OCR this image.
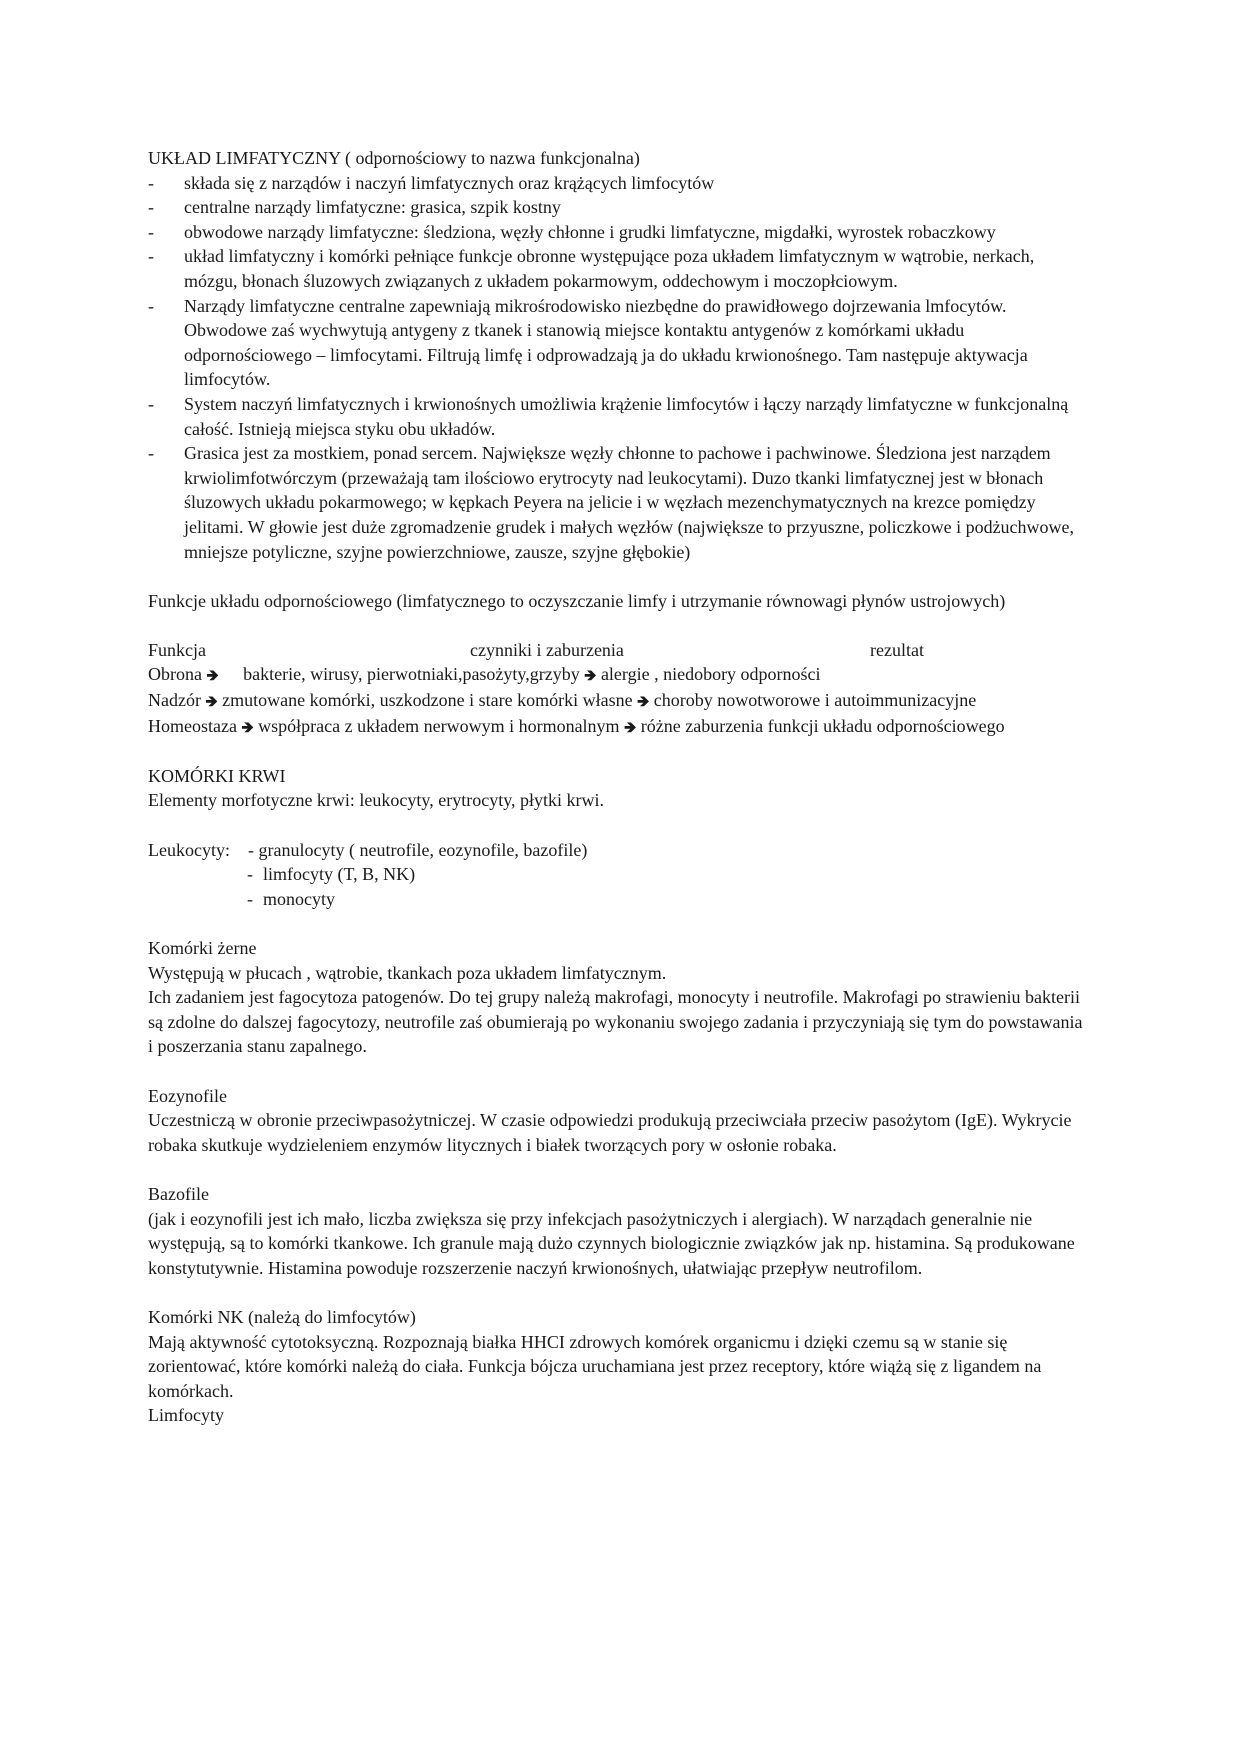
UKŁAD LIMFATYCZNY ( odpornościowy to nazwa funkcjonalna)

- składa się z narządów i naczyń limfatycznych oraz krążących limfocytów
- centralne narządy limfatyczne: grasica, szpik kostny
- obwodowe narządy limfatyczne: śledziona, węzły chłonne i grudki limfatyczne, migdałki, wyrostek robaczkowy
- układ limfatyczny i komórki pełniące funkcje obronne występujące poza układem limfatycznym w wątrobie, nerkach, mózgu, błonach śluzowych związanych z układem pokarmowym, oddechowym i moczopłciowym.
- Narządy limfatyczne centralne zapewniają mikrośrodowisko niezbędne do prawidłowego dojrzewania lmfocytów. Obwodowe zaś wychwytują antygeny z tkanek i stanowią miejsce kontaktu antygenów z komórkami układu odpornościowego – limfocytami. Filtrują limfę i odprowadzają ja do układu krwionośnego. Tam następuje aktywacja limfocytów.
- System naczyń limfatycznych i krwionośnych umożliwia krążenie limfocytów i łączy narządy limfatyczne w funkcjonalną całość. Istnieją miejsca styku obu układów.
- Grasica jest za mostkiem, ponad sercem. Największe węzły chłonne to pachowe i pachwinowe. Śledziona jest narządem krwiolimfotwórczym (przeważają tam ilościowo erytrocyty nad leukocytami). Duzo tkanki limfatycznej jest w błonach śluzowych układu pokarmowego; w kępkach Peyera na jelicie i w węzłach mezenchymatycznych na krezce pomiędzy jelitami. W głowie jest duże zgromadzenie grudek i małych węzłów (największe to przyuszne, policzkowe i podżuchwowe, mniejsze potyliczne, szyjne powierzchniowe, zausze, szyjne głębokie)

Funkcje układu odpornościowego (limfatycznego to oczyszczanie limfy i utrzymanie równowagi płynów ustrojowych)

Funkcja	czynniki i zaburzenia	rezultat

Obrona 🡺 bakterie, wirusy, pierwotniaki,pasożyty,grzyby 🡺 alergie , niedobory odporności

Nadzór 🡺 zmutowane komórki, uszkodzone i stare komórki własne 🡺 choroby nowotworowe i autoimmunizacyjne

Homeostaza 🡺 współpraca z układem nerwowym i hormonalnym 🡺 różne zaburzenia funkcji układu odpornościowego

KOMÓRKI KRWI

Elementy morfotyczne krwi: leukocyty, erytrocyty, płytki krwi.

Leukocyty:	- granulocyty ( neutrofile, eozynofile, bazofile)
- limfocyty (T, B, NK)
- monocyty

Komórki żerne

Występują w płucach , wątrobie, tkankach poza układem limfatycznym.

Ich zadaniem jest fagocytoza patogenów. Do tej grupy należą makrofagi, monocyty i neutrofile. Makrofagi po strawieniu bakterii są zdolne do dalszej fagocytozy, neutrofile zaś obumierają po wykonaniu swojego zadania i przyczyniają się tym do powstawania i poszerzania stanu zapalnego.

Eozynofile

Uczestniczą w obronie przeciwpasożytniczej. W czasie odpowiedzi produkują przeciwciała przeciw pasożytom (IgE). Wykrycie robaka skutkuje wydzieleniem enzymów litycznych i białek tworzących pory w osłonie robaka.

Bazofile

(jak i eozynofili jest ich mało, liczba zwiększa się przy infekcjach pasożytniczych i alergiach). W narządach generalnie nie występują, są to komórki tkankowe. Ich granule mają dużo czynnych biologicznie związków jak np. histamina. Są produkowane konstytutywnie. Histamina powoduje rozszerzenie naczyń krwionośnych, ułatwiając przepływ neutrofilom.

Komórki NK (należą do limfocytów)

Mają aktywność cytotoksyczną. Rozpoznają białka HHCI zdrowych komórek organicmu i dzięki czemu są w stanie się zorientować, które komórki należą do ciała. Funkcja bójcza uruchamiana jest przez receptory, które wiążą się z ligandem na komórkach.

Limfocyty
